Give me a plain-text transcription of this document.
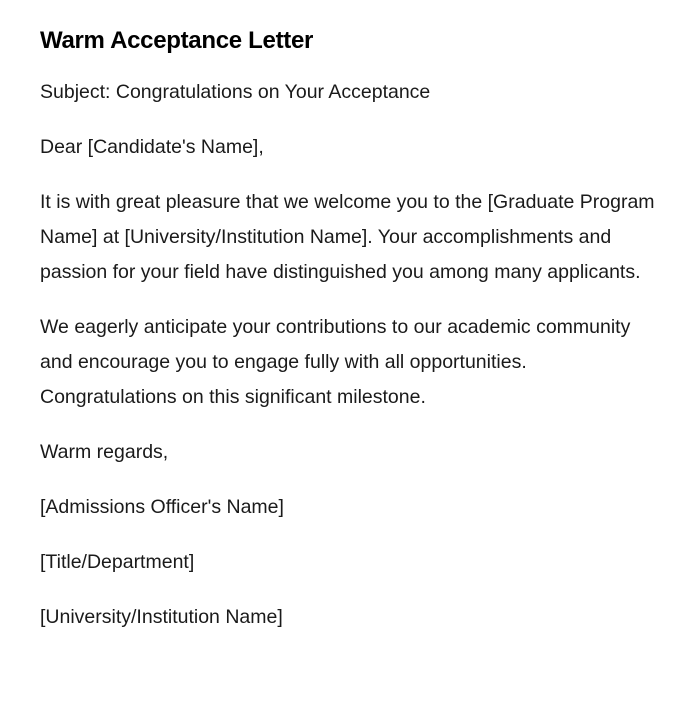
Warm Acceptance Letter

Subject: Congratulations on Your Acceptance

Dear [Candidate's Name],

It is with great pleasure that we welcome you to the [Graduate Program Name] at [University/Institution Name]. Your accomplishments and passion for your field have distinguished you among many applicants.

We eagerly anticipate your contributions to our academic community and encourage you to engage fully with all opportunities. Congratulations on this significant milestone.

Warm regards,

[Admissions Officer's Name]

[Title/Department]

[University/Institution Name]
